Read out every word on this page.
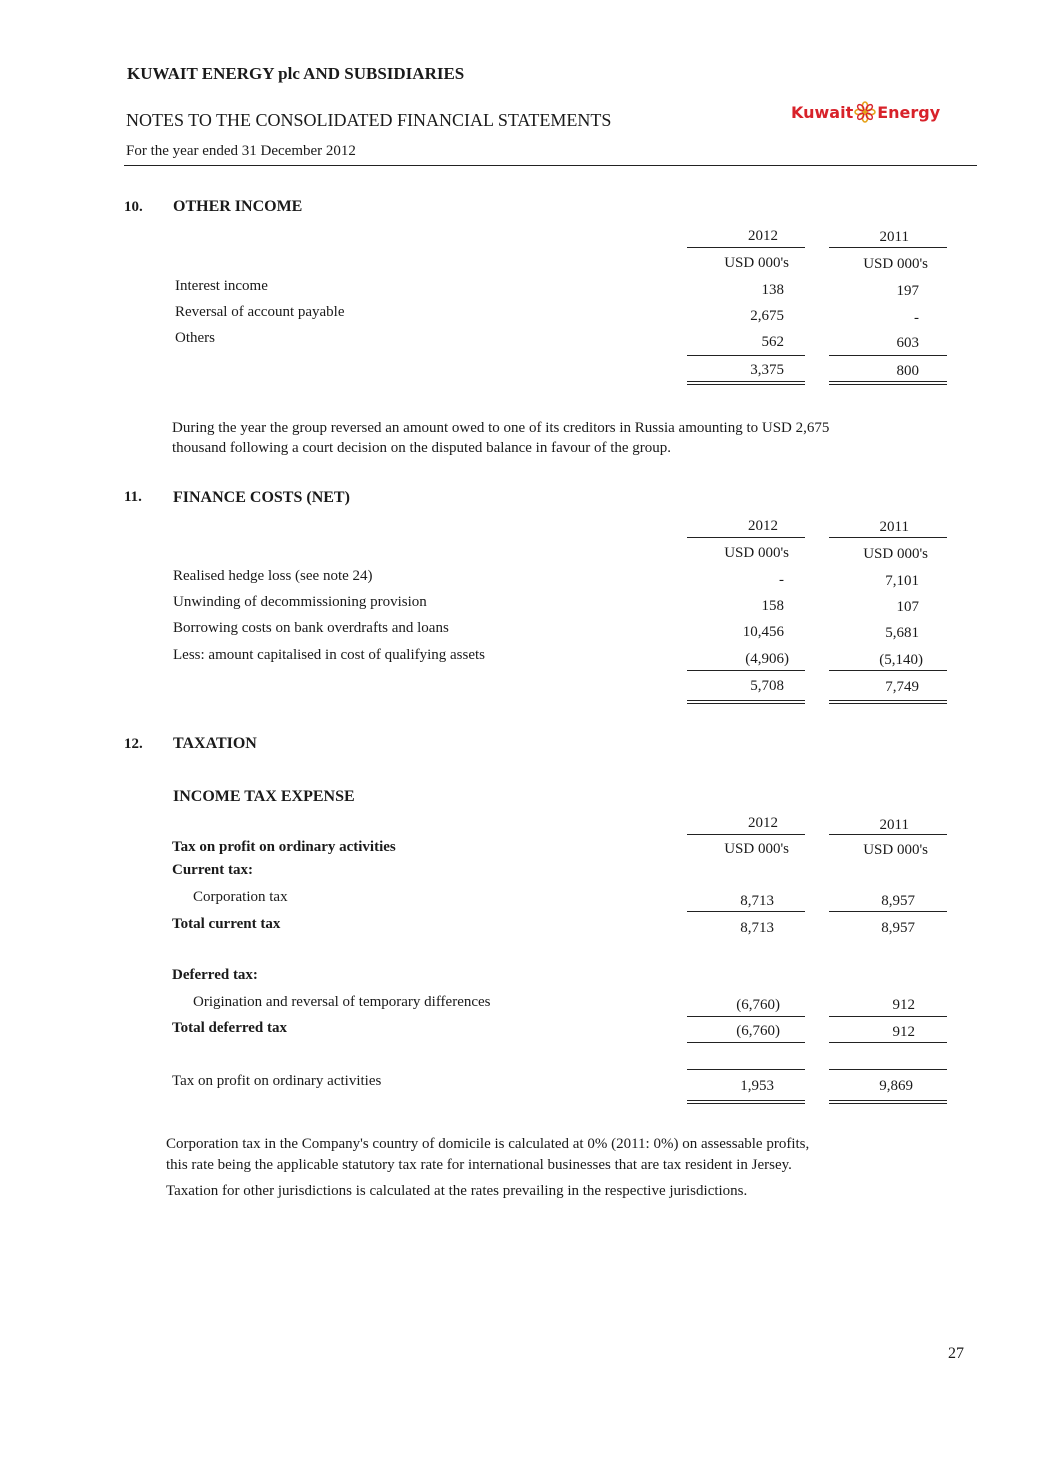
KUWAIT ENERGY plc AND SUBSIDIARIES
NOTES TO THE CONSOLIDATED FINANCIAL STATEMENTS
For the year ended 31 December 2012
Kuwait Energy
10. OTHER INCOME
2012	2011
USD 000's	USD 000's
Interest income	138	197
Reversal of account payable	2,675	-
Others	562	603
3,375	800
During the year the group reversed an amount owed to one of its creditors in Russia amounting to USD 2,675
thousand following a court decision on the disputed balance in favour of the group.
11. FINANCE COSTS (NET)
2012	2011
USD 000's	USD 000's
Realised hedge loss (see note 24)	-	7,101
Unwinding of decommissioning provision	158	107
Borrowing costs on bank overdrafts and loans	10,456	5,681
Less: amount capitalised in cost of qualifying assets	(4,906)	(5,140)
5,708	7,749
12. TAXATION
INCOME TAX EXPENSE
2012	2011
USD 000's	USD 000's
Tax on profit on ordinary activities
Current tax:
Corporation tax	8,713	8,957
Total current tax	8,713	8,957
Deferred tax:
Origination and reversal of temporary differences	(6,760)	912
Total deferred tax	(6,760)	912
Tax on profit on ordinary activities	1,953	9,869
Corporation tax in the Company's country of domicile is calculated at 0% (2011: 0%) on assessable profits,
this rate being the applicable statutory tax rate for international businesses that are tax resident in Jersey.
Taxation for other jurisdictions is calculated at the rates prevailing in the respective jurisdictions.
27
